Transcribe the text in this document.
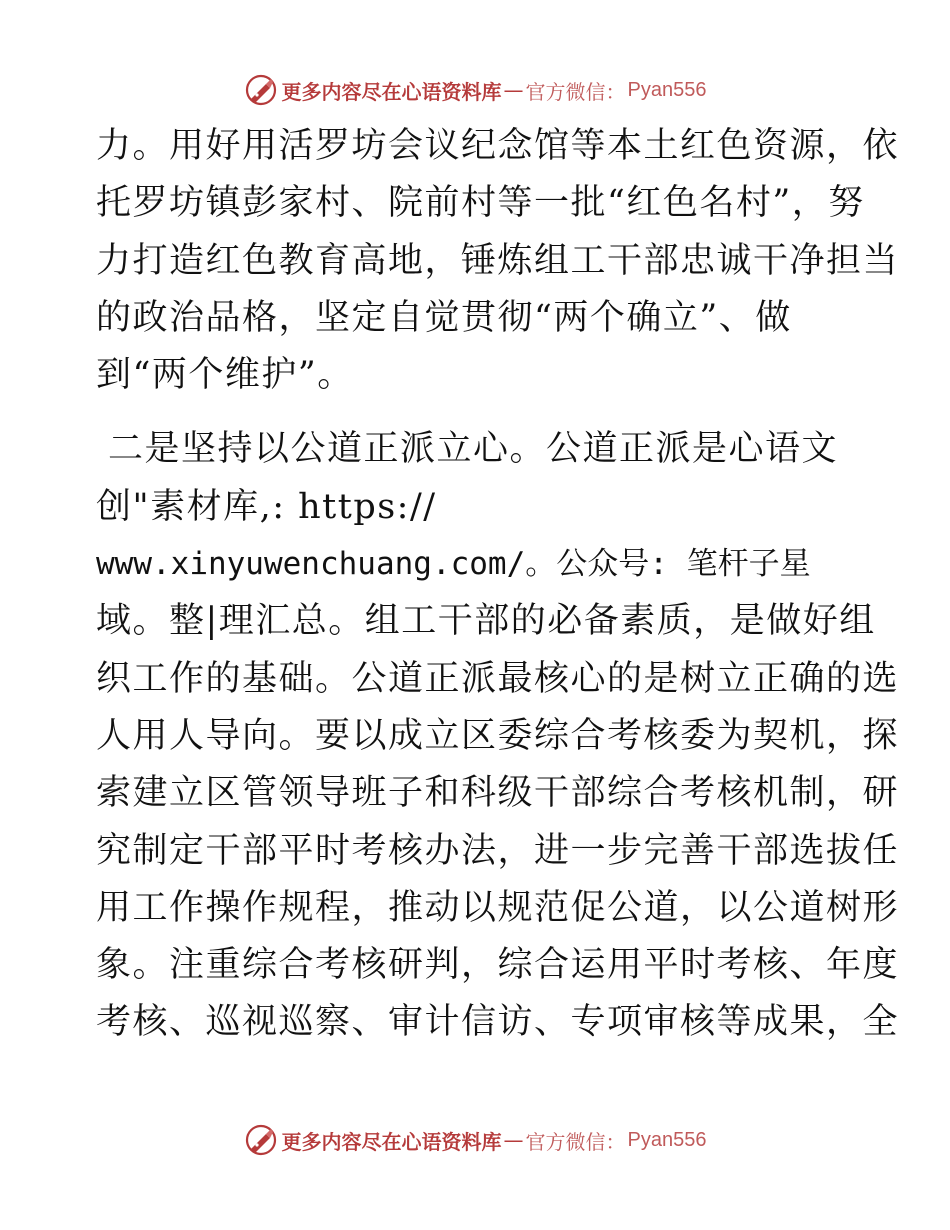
更多内容尽在心语资料库 — 官方微信： Pyan556
力。用好用活罗坊会议纪念馆等本土红色资源，依
托罗坊镇彭家村、院前村等一批“红色名村”，努
力打造红色教育高地，锤炼组工干部忠诚干净担当
的政治品格，坚定自觉贯彻“两个确立”、做
到“两个维护”。
二是坚持以公道正派立心。公道正派是心语文
创"素材库,: https://
www.xinyuwenchuang.com/。公众号: 笔杆子星
域。整|理汇总。组工干部的必备素质，是做好组
织工作的基础。公道正派最核心的是树立正确的选
人用人导向。要以成立区委综合考核委为契机，探
索建立区管领导班子和科级干部综合考核机制，研
究制定干部平时考核办法，进一步完善干部选拔任
用工作操作规程，推动以规范促公道，以公道树形
象。注重综合考核研判，综合运用平时考核、年度
考核、巡视巡察、审计信访、专项审核等成果，全
更多内容尽在心语资料库 — 官方微信： Pyan556
